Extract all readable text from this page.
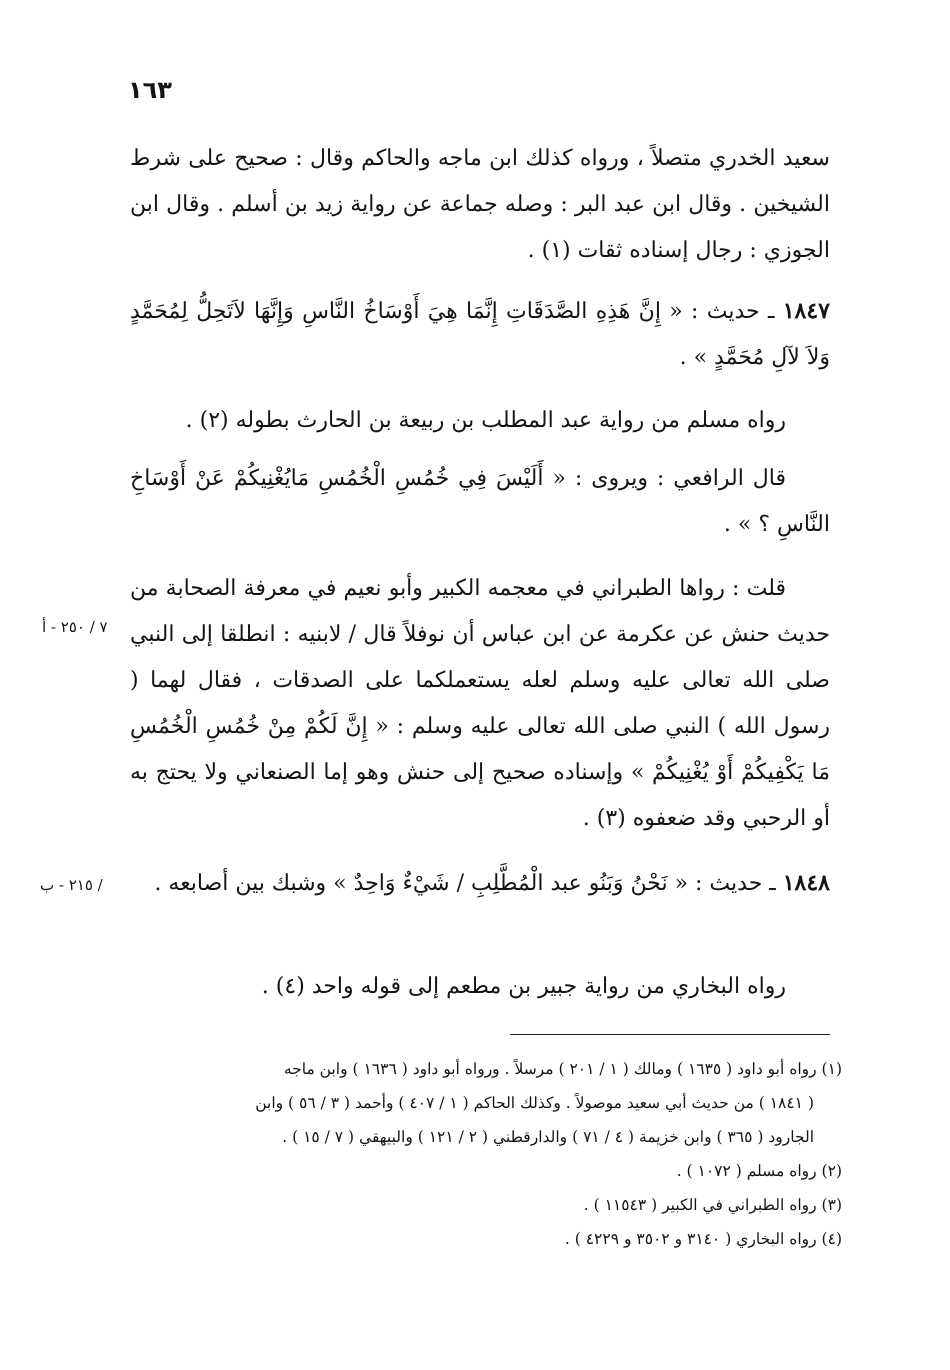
١٦٣

سعيد الخدري متصلاً ، ورواه كذلك ابن ماجه والحاكم وقال : صحيح على شرط الشيخين . وقال ابن عبد البر : وصله جماعة عن رواية زيد بن أسلم . وقال ابن الجوزي : رجال إسناده ثقات (١) .

١٨٤٧ ـ حديث : « إِنَّ هَذِهِ الصَّدَقَاتِ إِنَّمَا هِيَ أَوْسَاخُ النَّاسِ وَإِنَّهَا لاَتَحِلُّ لِمُحَمَّدٍ وَلاَ لآلِ مُحَمَّدٍ » .

رواه مسلم من رواية عبد المطلب بن ربيعة بن الحارث بطوله (٢) .

قال الرافعي : ويروى : « أَلَيْسَ فِي خُمُسِ الْخُمُسِ مَايُغْنِيكُمْ عَنْ أَوْسَاخِ النَّاسِ ؟ » .

قلت : رواها الطبراني في معجمه الكبير وأبو نعيم في معرفة الصحابة من حديث حنش عن عكرمة عن ابن عباس أن نوفلاً قال / لابنيه : انطلقا إلى النبي صلى الله تعالى عليه وسلم لعله يستعملكما على الصدقات ، فقال لهما ( رسول الله ) النبي صلى الله تعالى عليه وسلم : « إِنَّ لَكُمْ مِنْ خُمُسِ الْخُمُسِ مَا يَكْفِيكُمْ أَوْ يُغْنِيكُمْ » وإسناده صحيح إلى حنش وهو إما الصنعاني ولا يحتج به أو الرحبي وقد ضعفوه (٣) .

٧ / ٢٥٠ - أ

١٨٤٨ ـ حديث : « نَحْنُ وَبَنُو عبد الْمُطَّلِبِ / شَيْءٌ وَاحِدٌ » وشبك بين أصابعه .

/ ٢١٥ - ب

رواه البخاري من رواية جبير بن مطعم إلى قوله واحد (٤) .

(١) رواه أبو داود ( ١٦٣٥ ) ومالك ( ١ / ٢٠١ ) مرسلاً . ورواه أبو داود ( ١٦٣٦ ) وابن ماجه

( ١٨٤١ ) من حديث أبي سعيد موصولاً . وكذلك الحاكم ( ١ / ٤٠٧ ) وأحمد ( ٣ / ٥٦ ) وابن

الجارود ( ٣٦٥ ) وابن خزيمة ( ٤ / ٧١ ) والدارقطني ( ٢ / ١٢١ ) والبيهقي ( ٧ / ١٥ ) .

(٢) رواه مسلم ( ١٠٧٢ ) .

(٣) رواه الطبراني في الكبير ( ١١٥٤٣ ) .

(٤) رواه البخاري ( ٣١٤٠ و ٣٥٠٢ و ٤٢٢٩ ) .
